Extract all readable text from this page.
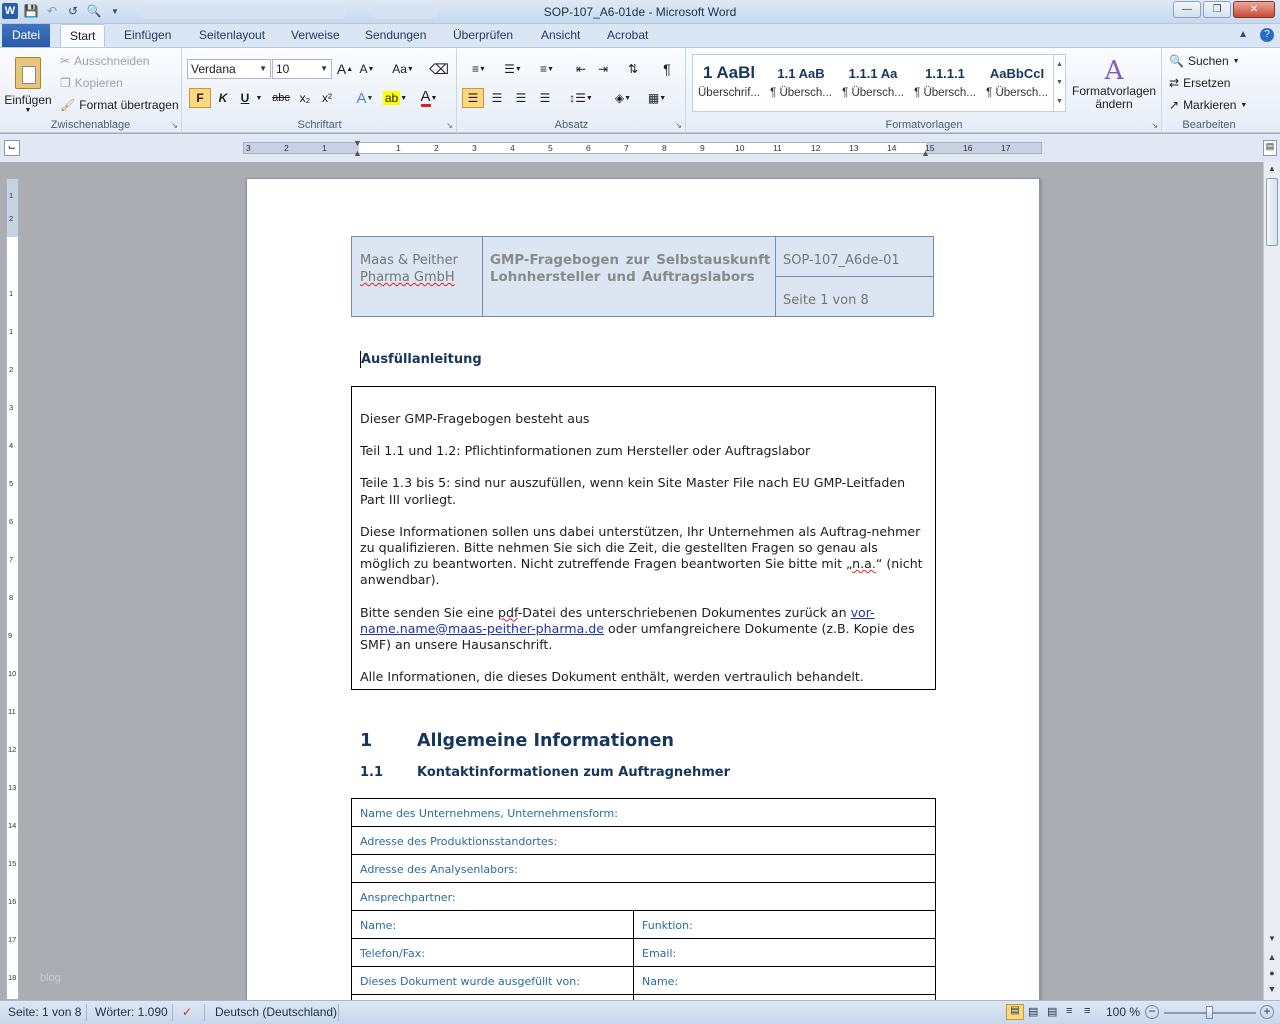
W 💾 ↶ ↺ 🔍	▼	SOP-107_A6-01de - Microsoft Word	—	❐	✕
Datei	Start	Einfügen	Seitenlayout	Verweise	Sendungen	Überprüfen	Ansicht	Acrobat	▲	?
Einfügen
▼
✂ Ausschneiden
❐ Kopieren
🖌 Format übertragen
Zwischenablage	↘
Verdana	▼ 10	▼ A ▲ A ▼ Aa ▼ ⌫
F	K	U ▼ abc x₂ x²	A ▼ ab ▼ A ▼
Schriftart	↘
≡ ▼	☰ ▼	≡ ▼	⇤ ⇥	⇅	¶
☰	☰	☰	☰	↕☰ ▼	◈ ▼	▦ ▼
Absatz	↘	Formatvorlagen	↘
1 AaBl
Überschrif...
1.1 AaB
¶ Übersch...
1.1.1 Aa
¶ Übersch...
1.1.1.1
¶ Übersch...
AaBbCcI
¶ Übersch...
▲
▼
▼
A
Formatvorlagen
ändern
🔍 Suchen ▼
⇄ Ersetzen
↗ Markieren ▼
Bearbeiten
⌙	3	2	1	1	2	3	4	5	6	7	8	9	10	11	12	13	14	15	16	17
▼
▲	▲
▤
1
2
1
1
2
3
4
5
6
7
8
9
10
11
12
13
14
15
16
17
18 blog
Maas & Peither
Pharma GmbH
GMP-Fragebogen zur Selbstauskunft
Lohnhersteller und Auftragslabors
SOP-107_A6de-01
Seite 1 von 8
Ausfüllanleitung

Dieser GMP-Fragebogen besteht aus

Teil 1.1 und 1.2: Pflichtinformationen zum Hersteller oder Auftragslabor

Teile 1.3 bis 5: sind nur auszufüllen, wenn kein Site Master File nach EU GMP-Leitfaden Part III vorliegt.

Diese Informationen sollen uns dabei unterstützen, Ihr Unternehmen als Auftrag-nehmer zu qualifizieren. Bitte nehmen Sie sich die Zeit, die gestellten Fragen so genau als möglich zu beantworten. Nicht zutreffende Fragen beantworten Sie bitte mit „n.a.“ (nicht anwendbar).

Bitte senden Sie eine pdf-Datei des unterschriebenen Dokumentes zurück an vor-name.name@maas-peither-pharma.de oder umfangreichere Dokumente (z.B. Kopie des SMF) an unsere Hausanschrift.

Alle Informationen, die dieses Dokument enthält, werden vertraulich behandelt.

1	Allgemeine Informationen
1.1	Kontaktinformationen zum Auftragnehmer
Name des Unternehmens, Unternehmensform:
Adresse des Produktionsstandortes:
Adresse des Analysenlabors:
Ansprechpartner:
Name:	Funktion:
Telefon/Fax:	Email:
Dieses Dokument wurde ausgefüllt von:	Name:
▲
▼
▲
●
▼
Seite: 1 von 8 Wörter: 1.090 ✓ Deutsch (Deutschland)	▤ ▤ ▤ ≡ ≡ 100 % −	+
